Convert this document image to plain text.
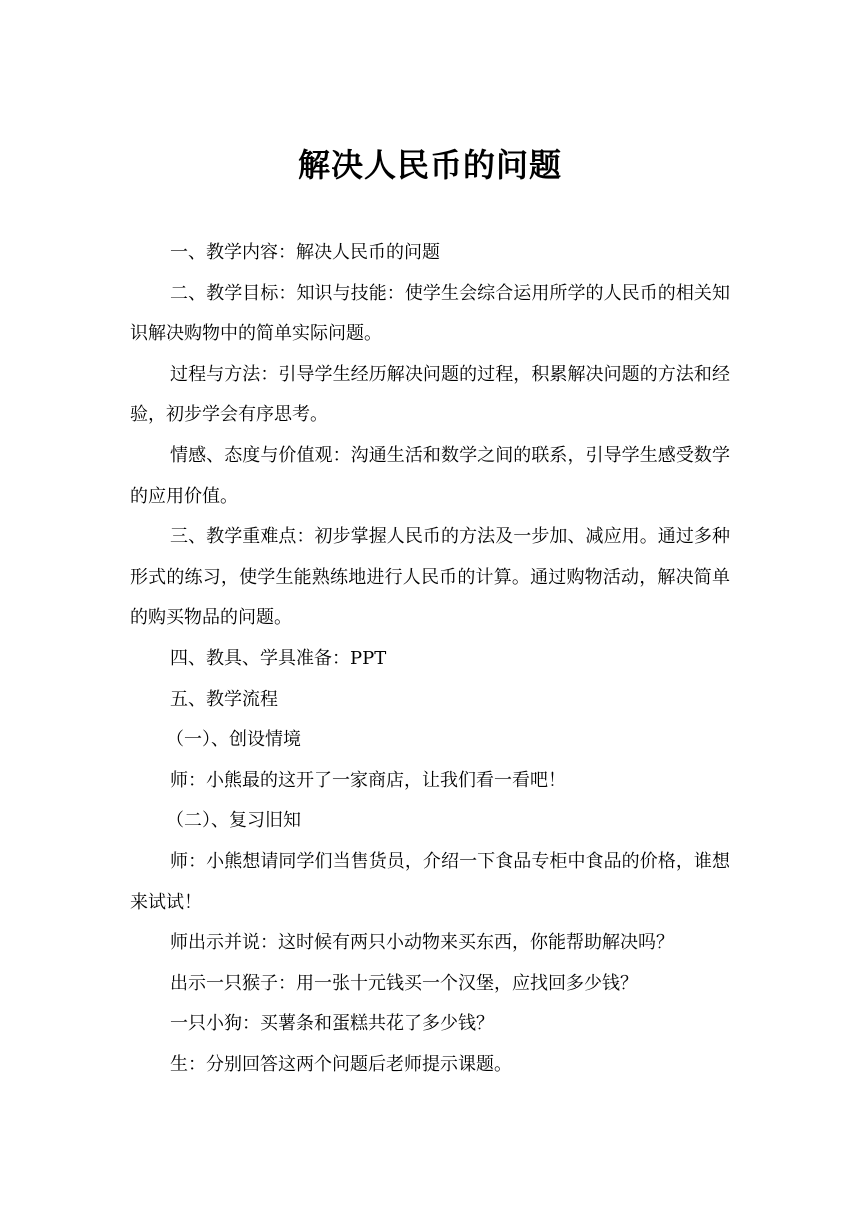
解决人民币的问题

一、教学内容：解决人民币的问题

二、教学目标：知识与技能：使学生会综合运用所学的人民币的相关知识解决购物中的简单实际问题。

过程与方法：引导学生经历解决问题的过程，积累解决问题的方法和经验，初步学会有序思考。

情感、态度与价值观：沟通生活和数学之间的联系，引导学生感受数学的应用价值。

三、教学重难点：初步掌握人民币的方法及一步加、减应用。通过多种形式的练习，使学生能熟练地进行人民币的计算。通过购物活动，解决简单的购买物品的问题。

四、教具、学具准备：PPT

五、教学流程

（一）、创设情境

师：小熊最的这开了一家商店，让我们看一看吧！

（二）、复习旧知

师：小熊想请同学们当售货员，介绍一下食品专柜中食品的价格，谁想来试试！

师出示并说：这时候有两只小动物来买东西，你能帮助解决吗？

出示一只猴子：用一张十元钱买一个汉堡，应找回多少钱？

一只小狗：买薯条和蛋糕共花了多少钱？

生：分别回答这两个问题后老师提示课题。
